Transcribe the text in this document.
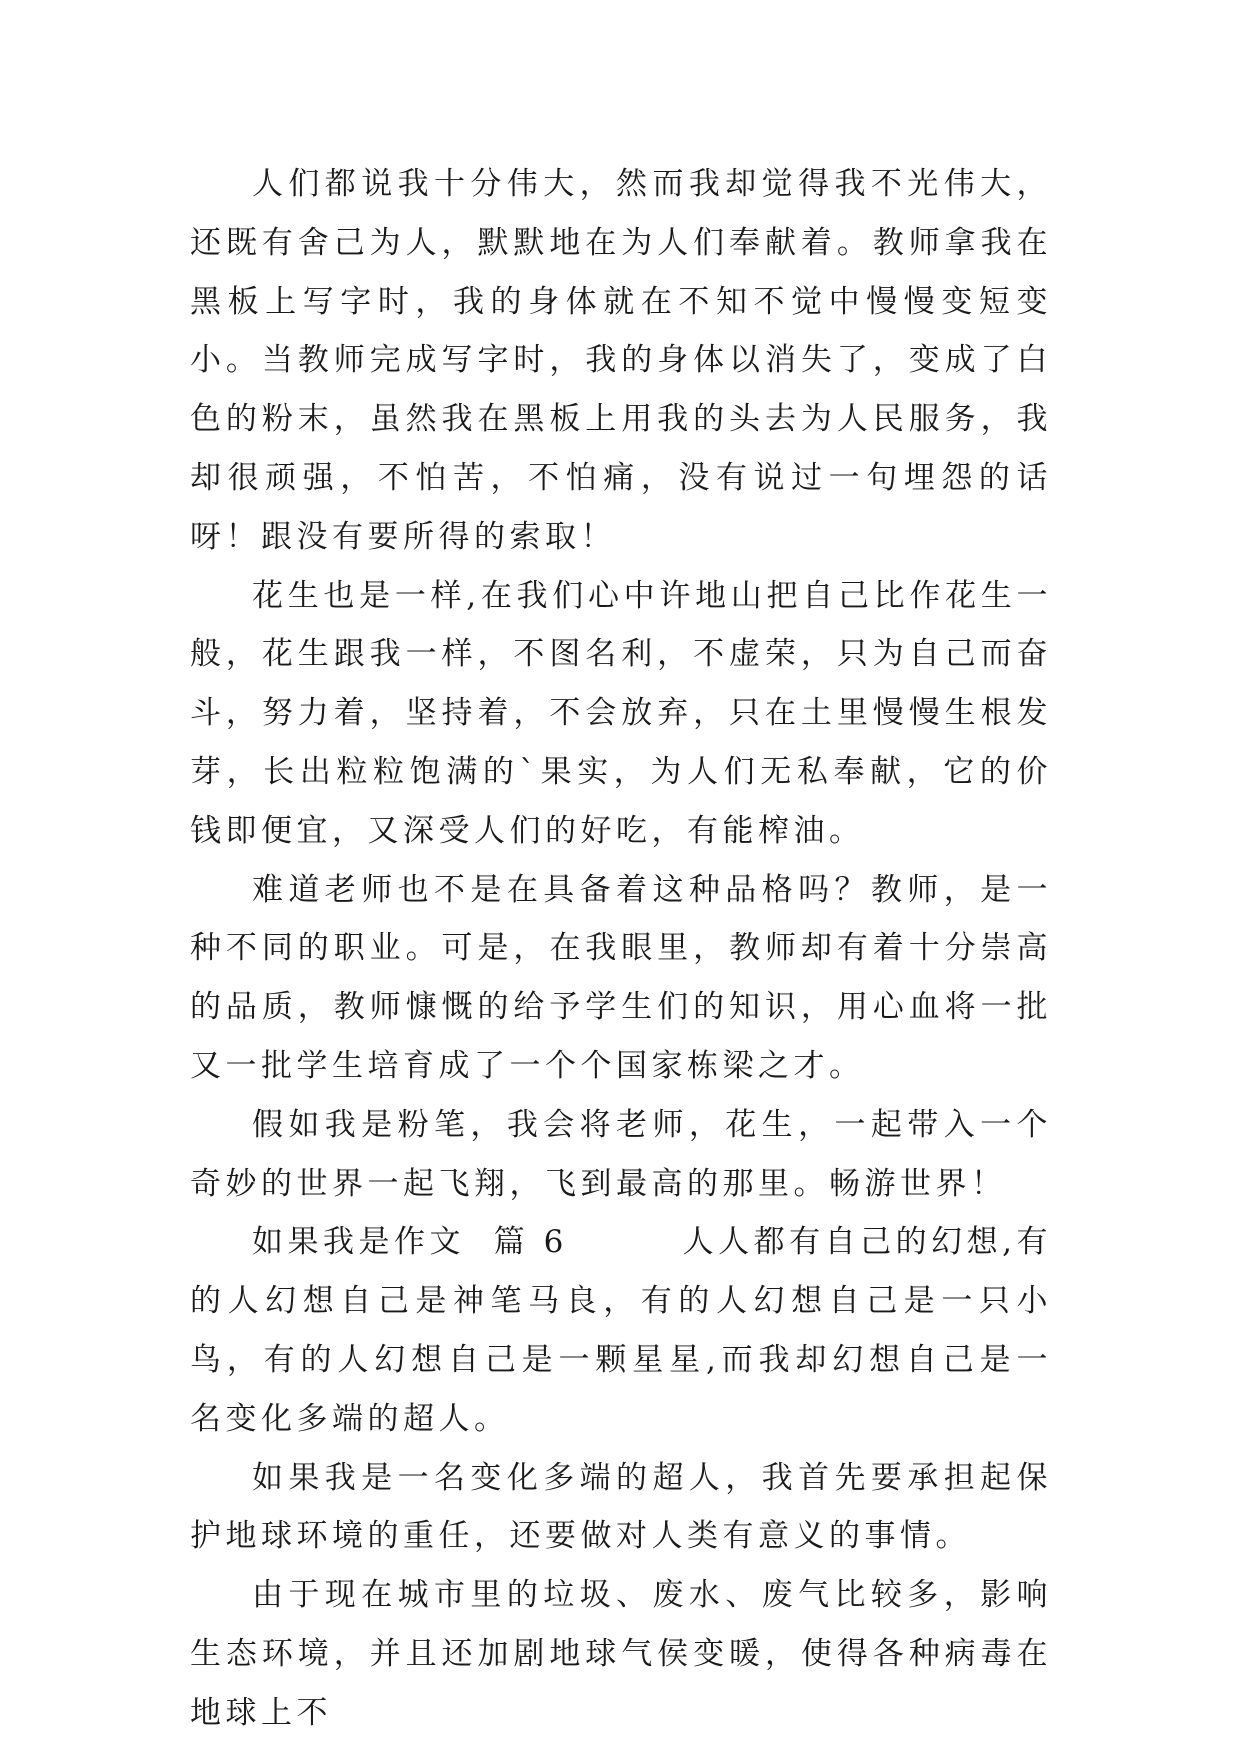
人们都说我十分伟大，然而我却觉得我不光伟大，还既有舍己为人，默默地在为人们奉献着。教师拿我在黑板上写字时，我的身体就在不知不觉中慢慢变短变小。当教师完成写字时，我的身体以消失了，变成了白色的粉末，虽然我在黑板上用我的头去为人民服务，我却很顽强，不怕苦，不怕痛，没有说过一句埋怨的话呀！跟没有要所得的索取！

花生也是一样,在我们心中许地山把自己比作花生一般，花生跟我一样，不图名利，不虚荣，只为自己而奋斗，努力着，坚持着，不会放弃，只在土里慢慢生根发芽，长出粒粒饱满的`果实，为人们无私奉献，它的价钱即便宜，又深受人们的好吃，有能榨油。

难道老师也不是在具备着这种品格吗？教师，是一种不同的职业。可是，在我眼里，教师却有着十分崇高的品质，教师慷慨的给予学生们的知识，用心血将一批又一批学生培育成了一个个国家栋梁之才。

假如我是粉笔，我会将老师，花生，一起带入一个奇妙的世界一起飞翔，飞到最高的那里。畅游世界！

如果我是作文  篇 6        人人都有自己的幻想,有的人幻想自己是神笔马良，有的人幻想自己是一只小鸟，有的人幻想自己是一颗星星,而我却幻想自己是一名变化多端的超人。

如果我是一名变化多端的超人，我首先要承担起保护地球环境的重任，还要做对人类有意义的事情。

由于现在城市里的垃圾、废水、废气比较多，影响生态环境，并且还加剧地球气侯变暖，使得各种病毒在地球上不
